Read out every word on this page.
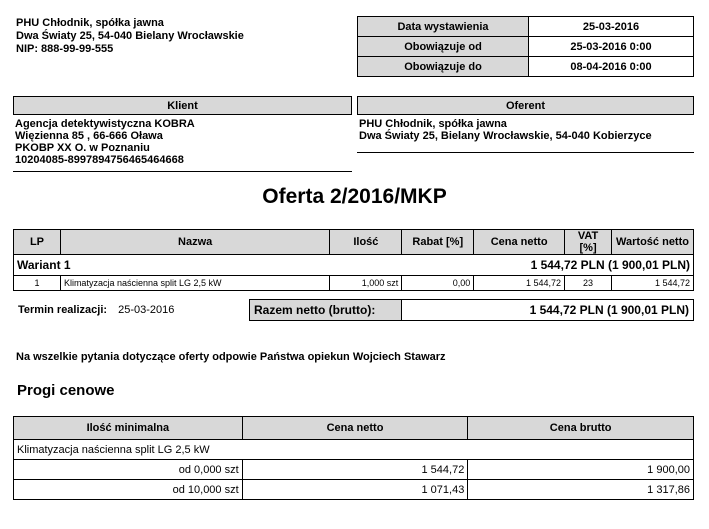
PHU Chłodnik, spółka jawna
Dwa Światy 25, 54-040 Bielany Wrocławskie
NIP: 888-99-99-555
Data wystawienia	25-03-2016
Obowiązuje od	25-03-2016 0:00
Obowiązuje do	08-04-2016 0:00
Klient
Agencja detektywistyczna KOBRA
Więzienna 85 , 66-666 Oława
PKOBP XX O. w Poznaniu
10204085-8997894756465464668
Oferent
PHU Chłodnik, spółka jawna
Dwa Światy 25, Bielany Wrocławskie, 54-040 Kobierzyce
Oferta 2/2016/MKP
LP	Nazwa	Ilość	Rabat [%]	Cena netto	VAT [%]	Wartość netto
Wariant 1			1 544,72 PLN (1 900,01 PLN)			
1	Klimatyzacja naścienna split LG 2,5 kW	1,000 szt	0,00	1 544,72	23	1 544,72
Termin realizacji: 25-03-2016	Razem netto (brutto):	1 544,72 PLN (1 900,01 PLN)
Na wszelkie pytania dotyczące oferty odpowie Państwa opiekun Wojciech Stawarz
Progi cenowe
Ilość minimalna	Cena netto	Cena brutto
Klimatyzacja naścienna split LG 2,5 kW		
od 0,000 szt	1 544,72	1 900,00
od 10,000 szt	1 071,43	1 317,86
